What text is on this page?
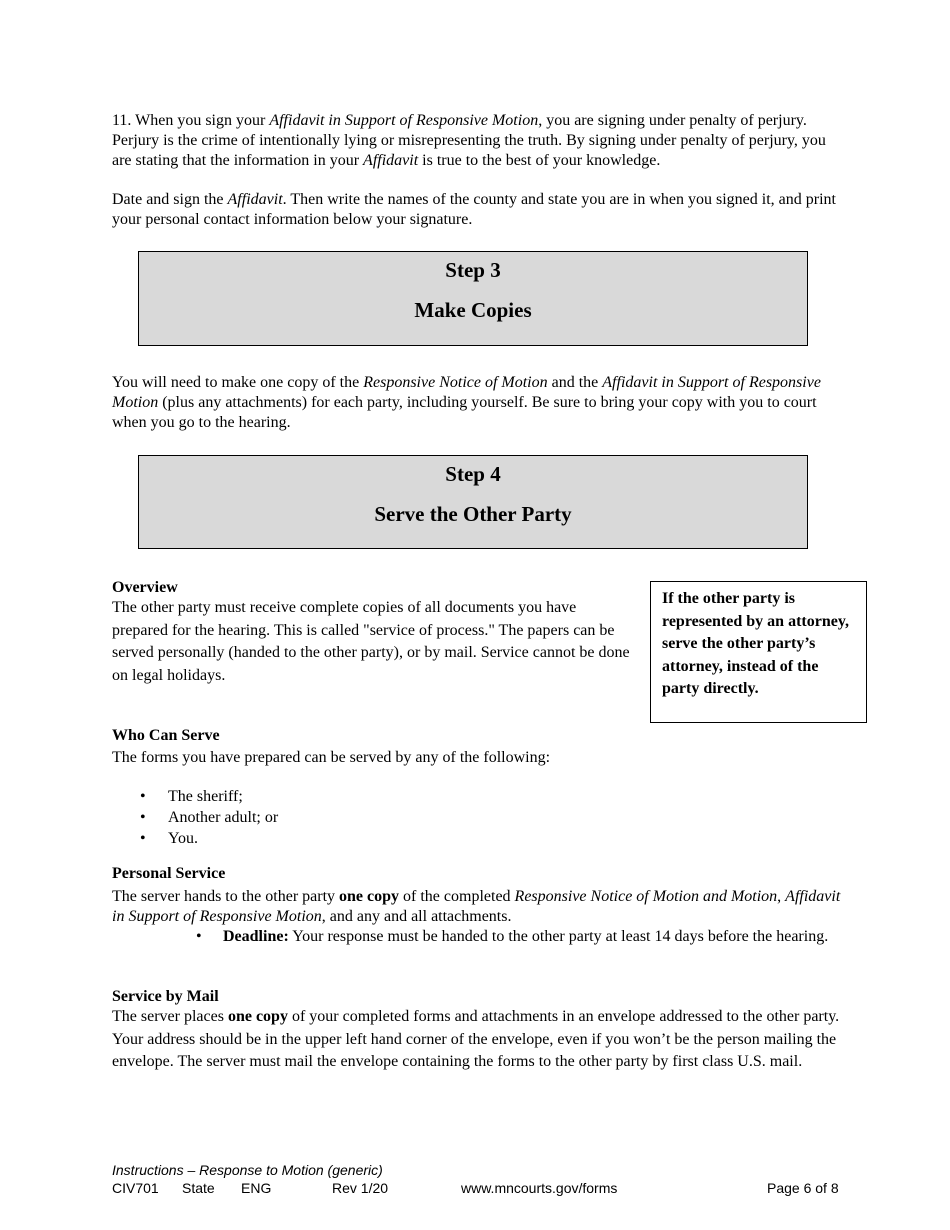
11. When you sign your Affidavit in Support of Responsive Motion, you are signing under penalty of perjury. Perjury is the crime of intentionally lying or misrepresenting the truth. By signing under penalty of perjury, you are stating that the information in your Affidavit is true to the best of your knowledge.

Date and sign the Affidavit. Then write the names of the county and state you are in when you signed it, and print your personal contact information below your signature.

Step 3
Make Copies

You will need to make one copy of the Responsive Notice of Motion and the Affidavit in Support of Responsive Motion (plus any attachments) for each party, including yourself. Be sure to bring your copy with you to court when you go to the hearing.

Step 4
Serve the Other Party
Overview

The other party must receive complete copies of all documents you have prepared for the hearing. This is called "service of process." The papers can be served personally (handed to the other party), or by mail. Service cannot be done on legal holidays.

If the other party is represented by an attorney, serve the other party’s attorney, instead of the party directly.
Who Can Serve

The forms you have prepared can be served by any of the following:

• The sheriff;
• Another adult; or
• You.
Personal Service

The server hands to the other party one copy of the completed Responsive Notice of Motion and Motion, Affidavit in Support of Responsive Motion, and any and all attachments.

• Deadline: Your response must be handed to the other party at least 14 days before the hearing.

Service by Mail

The server places one copy of your completed forms and attachments in an envelope addressed to the other party. Your address should be in the upper left hand corner of the envelope, even if you won’t be the person mailing the envelope. The server must mail the envelope containing the forms to the other party by first class U.S. mail.

Instructions – Response to Motion (generic)
CIV701 State ENG	Rev 1/20	www.mncourts.gov/forms	Page 6 of 8
